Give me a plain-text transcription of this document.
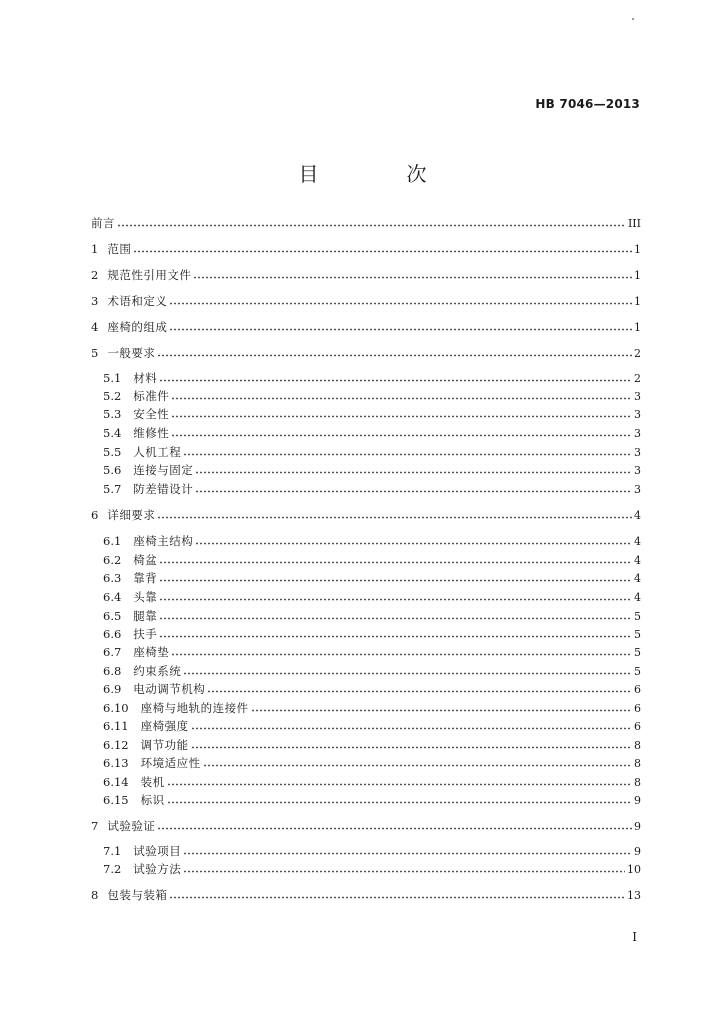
HB 7046—2013
目　次
前言	III
1 范围	1
2 规范性引用文件	1
3 术语和定义	1
4 座椅的组成	1
5 一般要求	2
5.1 材料	2
5.2 标准件	3
5.3 安全性	3
5.4 维修性	3
5.5 人机工程	3
5.6 连接与固定	3
5.7 防差错设计	3
6 详细要求	4
6.1 座椅主结构	4
6.2 椅盆	4
6.3 靠背	4
6.4 头靠	4
6.5 腿靠	5
6.6 扶手	5
6.7 座椅垫	5
6.8 约束系统	5
6.9 电动调节机构	6
6.10 座椅与地轨的连接件	6
6.11 座椅强度	6
6.12 调节功能	8
6.13 环境适应性	8
6.14 装机	8
6.15 标识	9
7 试验验证	9
7.1 试验项目	9
7.2 试验方法	10
8 包装与装箱	13
I
